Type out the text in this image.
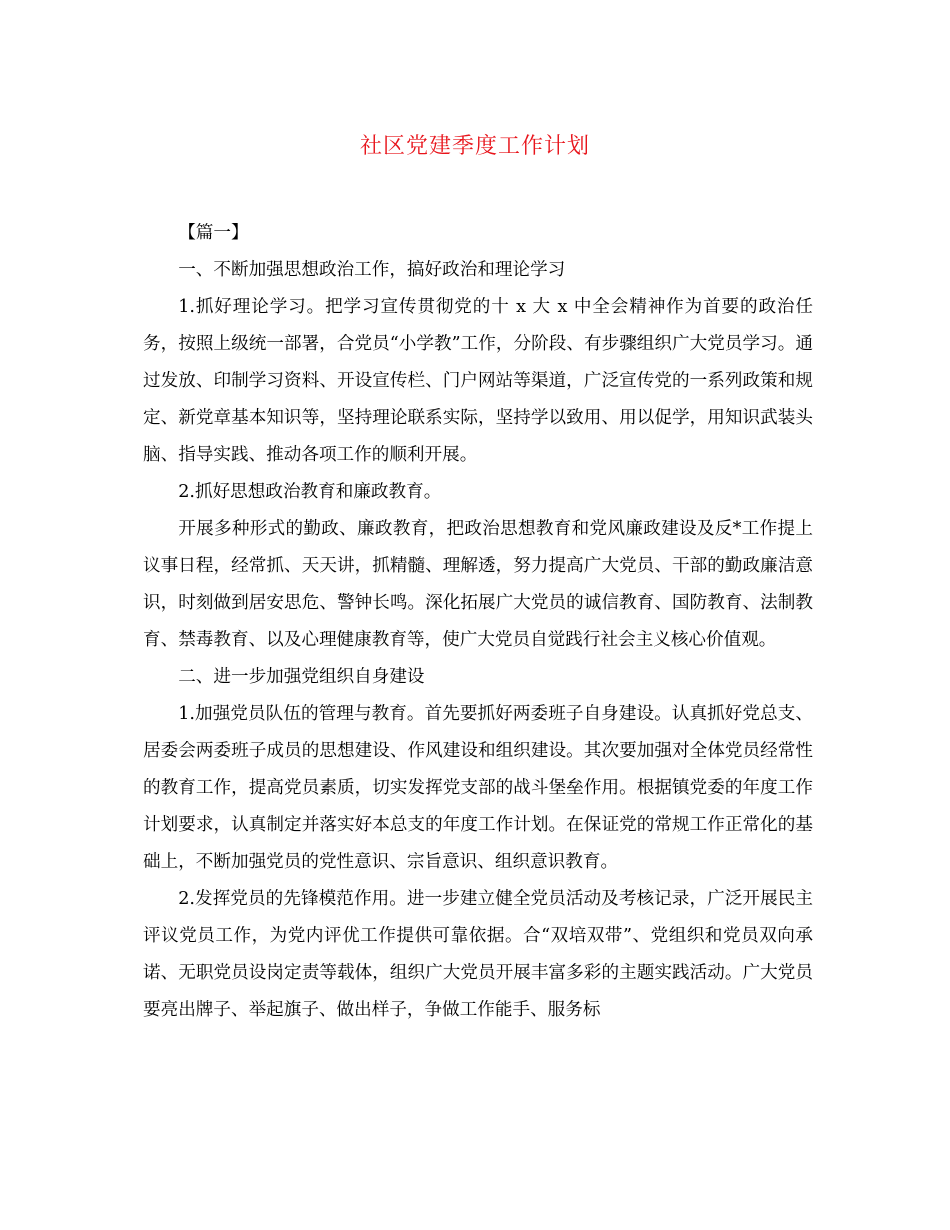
社区党建季度工作计划

【篇一】

一、不断加强思想政治工作，搞好政治和理论学习

1.抓好理论学习。把学习宣传贯彻党的十 x 大 x 中全会精神作为首要的政治任务，按照上级统一部署，合党员“小学教”工作，分阶段、有步骤组织广大党员学习。通过发放、印制学习资料、开设宣传栏、门户网站等渠道，广泛宣传党的一系列政策和规定、新党章基本知识等，坚持理论联系实际，坚持学以致用、用以促学，用知识武装头脑、指导实践、推动各项工作的顺利开展。

2.抓好思想政治教育和廉政教育。

开展多种形式的勤政、廉政教育，把政治思想教育和党风廉政建设及反*工作提上议事日程，经常抓、天天讲，抓精髓、理解透，努力提高广大党员、干部的勤政廉洁意识，时刻做到居安思危、警钟长鸣。深化拓展广大党员的诚信教育、国防教育、法制教育、禁毒教育、以及心理健康教育等，使广大党员自觉践行社会主义核心价值观。

二、进一步加强党组织自身建设

1.加强党员队伍的管理与教育。首先要抓好两委班子自身建设。认真抓好党总支、居委会两委班子成员的思想建设、作风建设和组织建设。其次要加强对全体党员经常性的教育工作，提高党员素质，切实发挥党支部的战斗堡垒作用。根据镇党委的年度工作计划要求，认真制定并落实好本总支的年度工作计划。在保证党的常规工作正常化的基础上，不断加强党员的党性意识、宗旨意识、组织意识教育。

2.发挥党员的先锋模范作用。进一步建立健全党员活动及考核记录，广泛开展民主评议党员工作，为党内评优工作提供可靠依据。合“双培双带”、党组织和党员双向承诺、无职党员设岗定责等载体，组织广大党员开展丰富多彩的主题实践活动。广大党员要亮出牌子、举起旗子、做出样子，争做工作能手、服务标
